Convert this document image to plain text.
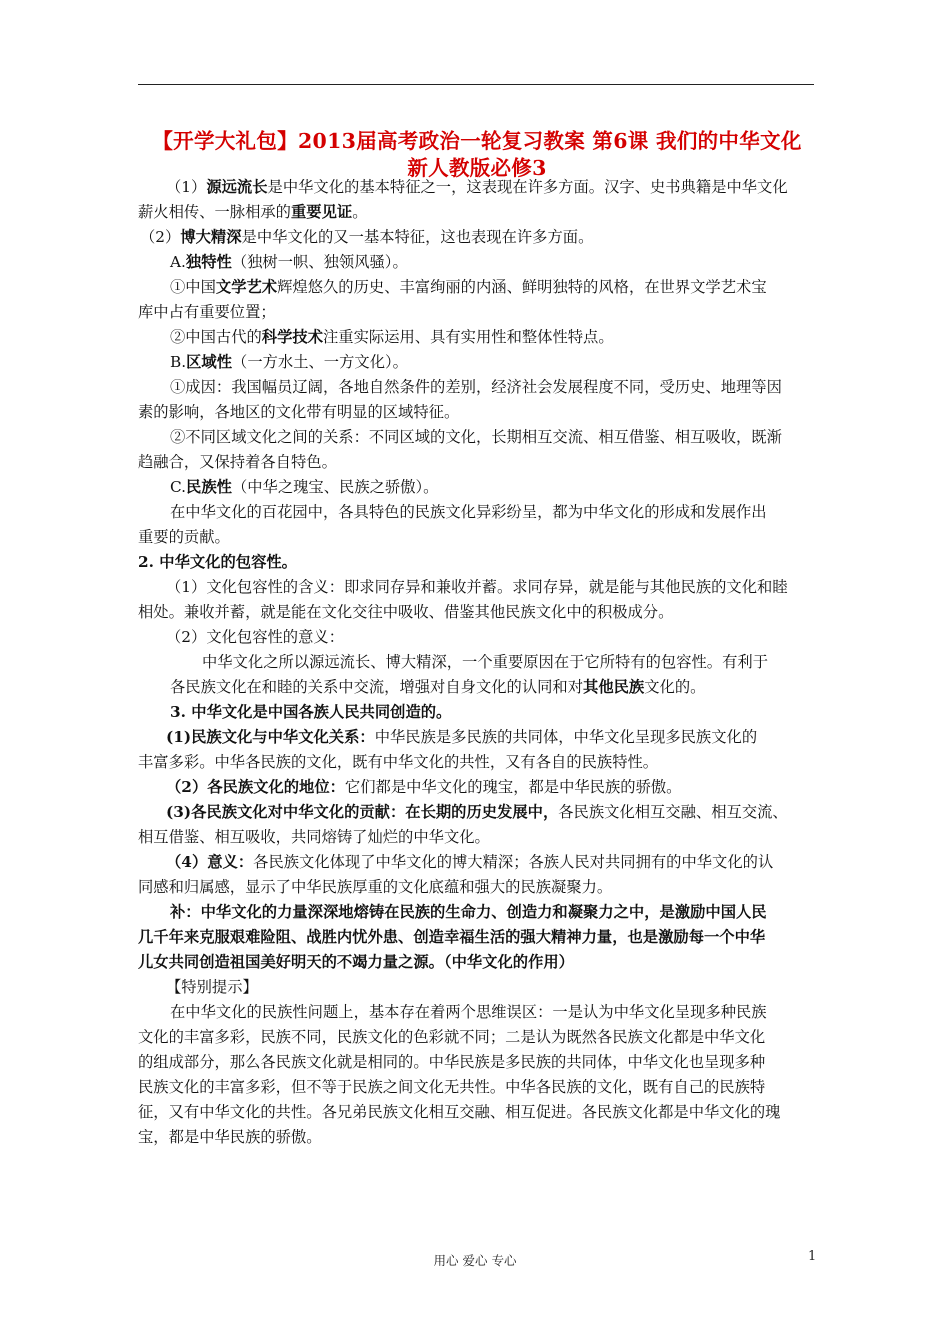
【开学大礼包】2013届高考政治一轮复习教案 第6课 我们的中华文化
新人教版必修3
（1）源远流长是中华文化的基本特征之一，这表现在许多方面。汉字、史书典籍是中华文化
薪火相传、一脉相承的重要见证。
（2）博大精深是中华文化的又一基本特征，这也表现在许多方面。
A.独特性（独树一帜、独领风骚）。
①中国文学艺术辉煌悠久的历史、丰富绚丽的内涵、鲜明独特的风格，在世界文学艺术宝
库中占有重要位置；
②中国古代的科学技术注重实际运用、具有实用性和整体性特点。
B.区域性（一方水土、一方文化）。
①成因：我国幅员辽阔，各地自然条件的差别，经济社会发展程度不同，受历史、地理等因
素的影响，各地区的文化带有明显的区域特征。
②不同区域文化之间的关系：不同区域的文化，长期相互交流、相互借鉴、相互吸收，既渐
趋融合，又保持着各自特色。
C.民族性（中华之瑰宝、民族之骄傲）。
在中华文化的百花园中，各具特色的民族文化异彩纷呈，都为中华文化的形成和发展作出
重要的贡献。
2. 中华文化的包容性。
（1）文化包容性的含义：即求同存异和兼收并蓄。求同存异，就是能与其他民族的文化和睦
相处。兼收并蓄，就是能在文化交往中吸收、借鉴其他民族文化中的积极成分。
（2）文化包容性的意义：
中华文化之所以源远流长、博大精深，一个重要原因在于它所特有的包容性。有利于
各民族文化在和睦的关系中交流，增强对自身文化的认同和对其他民族文化的。
3. 中华文化是中国各族人民共同创造的。
(1)民族文化与中华文化关系：中华民族是多民族的共同体，中华文化呈现多民族文化的
丰富多彩。中华各民族的文化，既有中华文化的共性，又有各自的民族特性。
（2）各民族文化的地位：它们都是中华文化的瑰宝，都是中华民族的骄傲。
(3)各民族文化对中华文化的贡献：在长期的历史发展中，各民族文化相互交融、相互交流、
相互借鉴、相互吸收，共同熔铸了灿烂的中华文化。
（4）意义：各民族文化体现了中华文化的博大精深；各族人民对共同拥有的中华文化的认
同感和归属感，显示了中华民族厚重的文化底蕴和强大的民族凝聚力。
补：中华文化的力量深深地熔铸在民族的生命力、创造力和凝聚力之中，是激励中国人民
几千年来克服艰难险阻、战胜内忧外患、创造幸福生活的强大精神力量，也是激励每一个中华
儿女共同创造祖国美好明天的不竭力量之源。（中华文化的作用）
【特别提示】
在中华文化的民族性问题上，基本存在着两个思维误区：一是认为中华文化呈现多种民族
文化的丰富多彩，民族不同，民族文化的色彩就不同；二是认为既然各民族文化都是中华文化
的组成部分，那么各民族文化就是相同的。中华民族是多民族的共同体，中华文化也呈现多种
民族文化的丰富多彩，但不等于民族之间文化无共性。中华各民族的文化，既有自己的民族特
征，又有中华文化的共性。各兄弟民族文化相互交融、相互促进。各民族文化都是中华文化的瑰
宝，都是中华民族的骄傲。
用心 爱心 专心	1
